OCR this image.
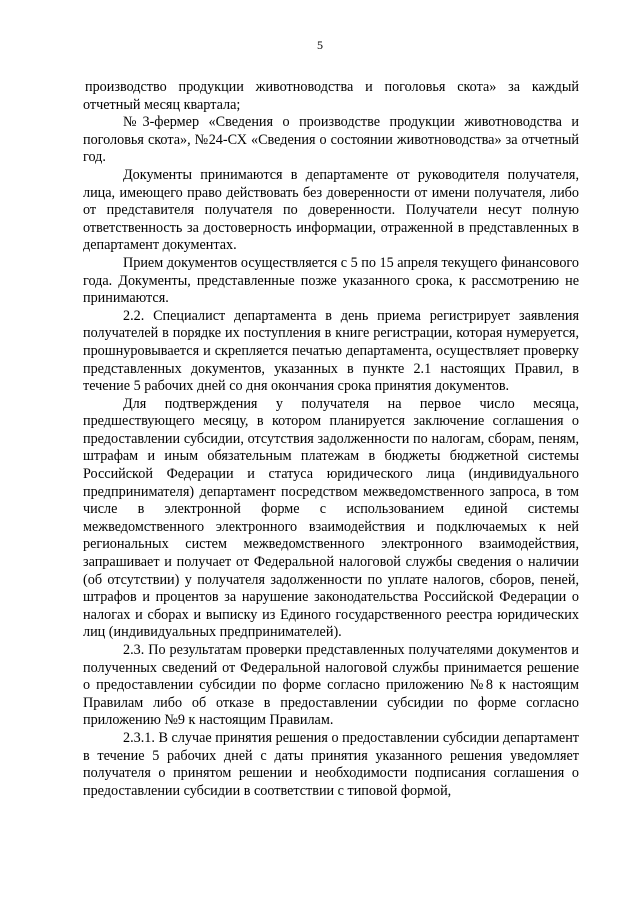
5

производство продукции животноводства и поголовья скота» за каждый отчетный месяц квартала;

№3-фермер «Сведения о производстве продукции животноводства и поголовья скота», №24-СХ «Сведения о состоянии животноводства» за отчетный год.

Документы принимаются в департаменте от руководителя получателя, лица, имеющего право действовать без доверенности от имени получателя, либо от представителя получателя по доверенности. Получатели несут полную ответственность за достоверность информации, отраженной в представленных в департамент документах.

Прием документов осуществляется с 5 по 15 апреля текущего финансового года. Документы, представленные позже указанного срока, к рассмотрению не принимаются.

2.2. Специалист департамента в день приема регистрирует заявления получателей в порядке их поступления в книге регистрации, которая нумеруется, прошнуровывается и скрепляется печатью департамента, осуществляет проверку представленных документов, указанных в пункте 2.1 настоящих Правил, в течение 5 рабочих дней со дня окончания срока принятия документов.

Для подтверждения у получателя на первое число месяца, предшествующего месяцу, в котором планируется заключение соглашения о предоставлении субсидии, отсутствия задолженности по налогам, сборам, пеням, штрафам и иным обязательным платежам в бюджеты бюджетной системы Российской Федерации и статуса юридического лица (индивидуального предпринимателя) департамент посредством межведомственного запроса, в том числе в электронной форме с использованием единой системы межведомственного электронного взаимодействия и подключаемых к ней региональных систем межведомственного электронного взаимодействия, запрашивает и получает от Федеральной налоговой службы сведения о наличии (об отсутствии) у получателя задолженности по уплате налогов, сборов, пеней, штрафов и процентов за нарушение законодательства Российской Федерации о налогах и сборах и выписку из Единого государственного реестра юридических лиц (индивидуальных предпринимателей).

2.3. По результатам проверки представленных получателями документов и полученных сведений от Федеральной налоговой службы принимается решение о предоставлении субсидии по форме согласно приложению №8 к настоящим Правилам либо об отказе в предоставлении субсидии по форме согласно приложению №9 к настоящим Правилам.

2.3.1. В случае принятия решения о предоставлении субсидии департамент в течение 5 рабочих дней с даты принятия указанного решения уведомляет получателя о принятом решении и необходимости подписания соглашения о предоставлении субсидии в соответствии с типовой формой,
